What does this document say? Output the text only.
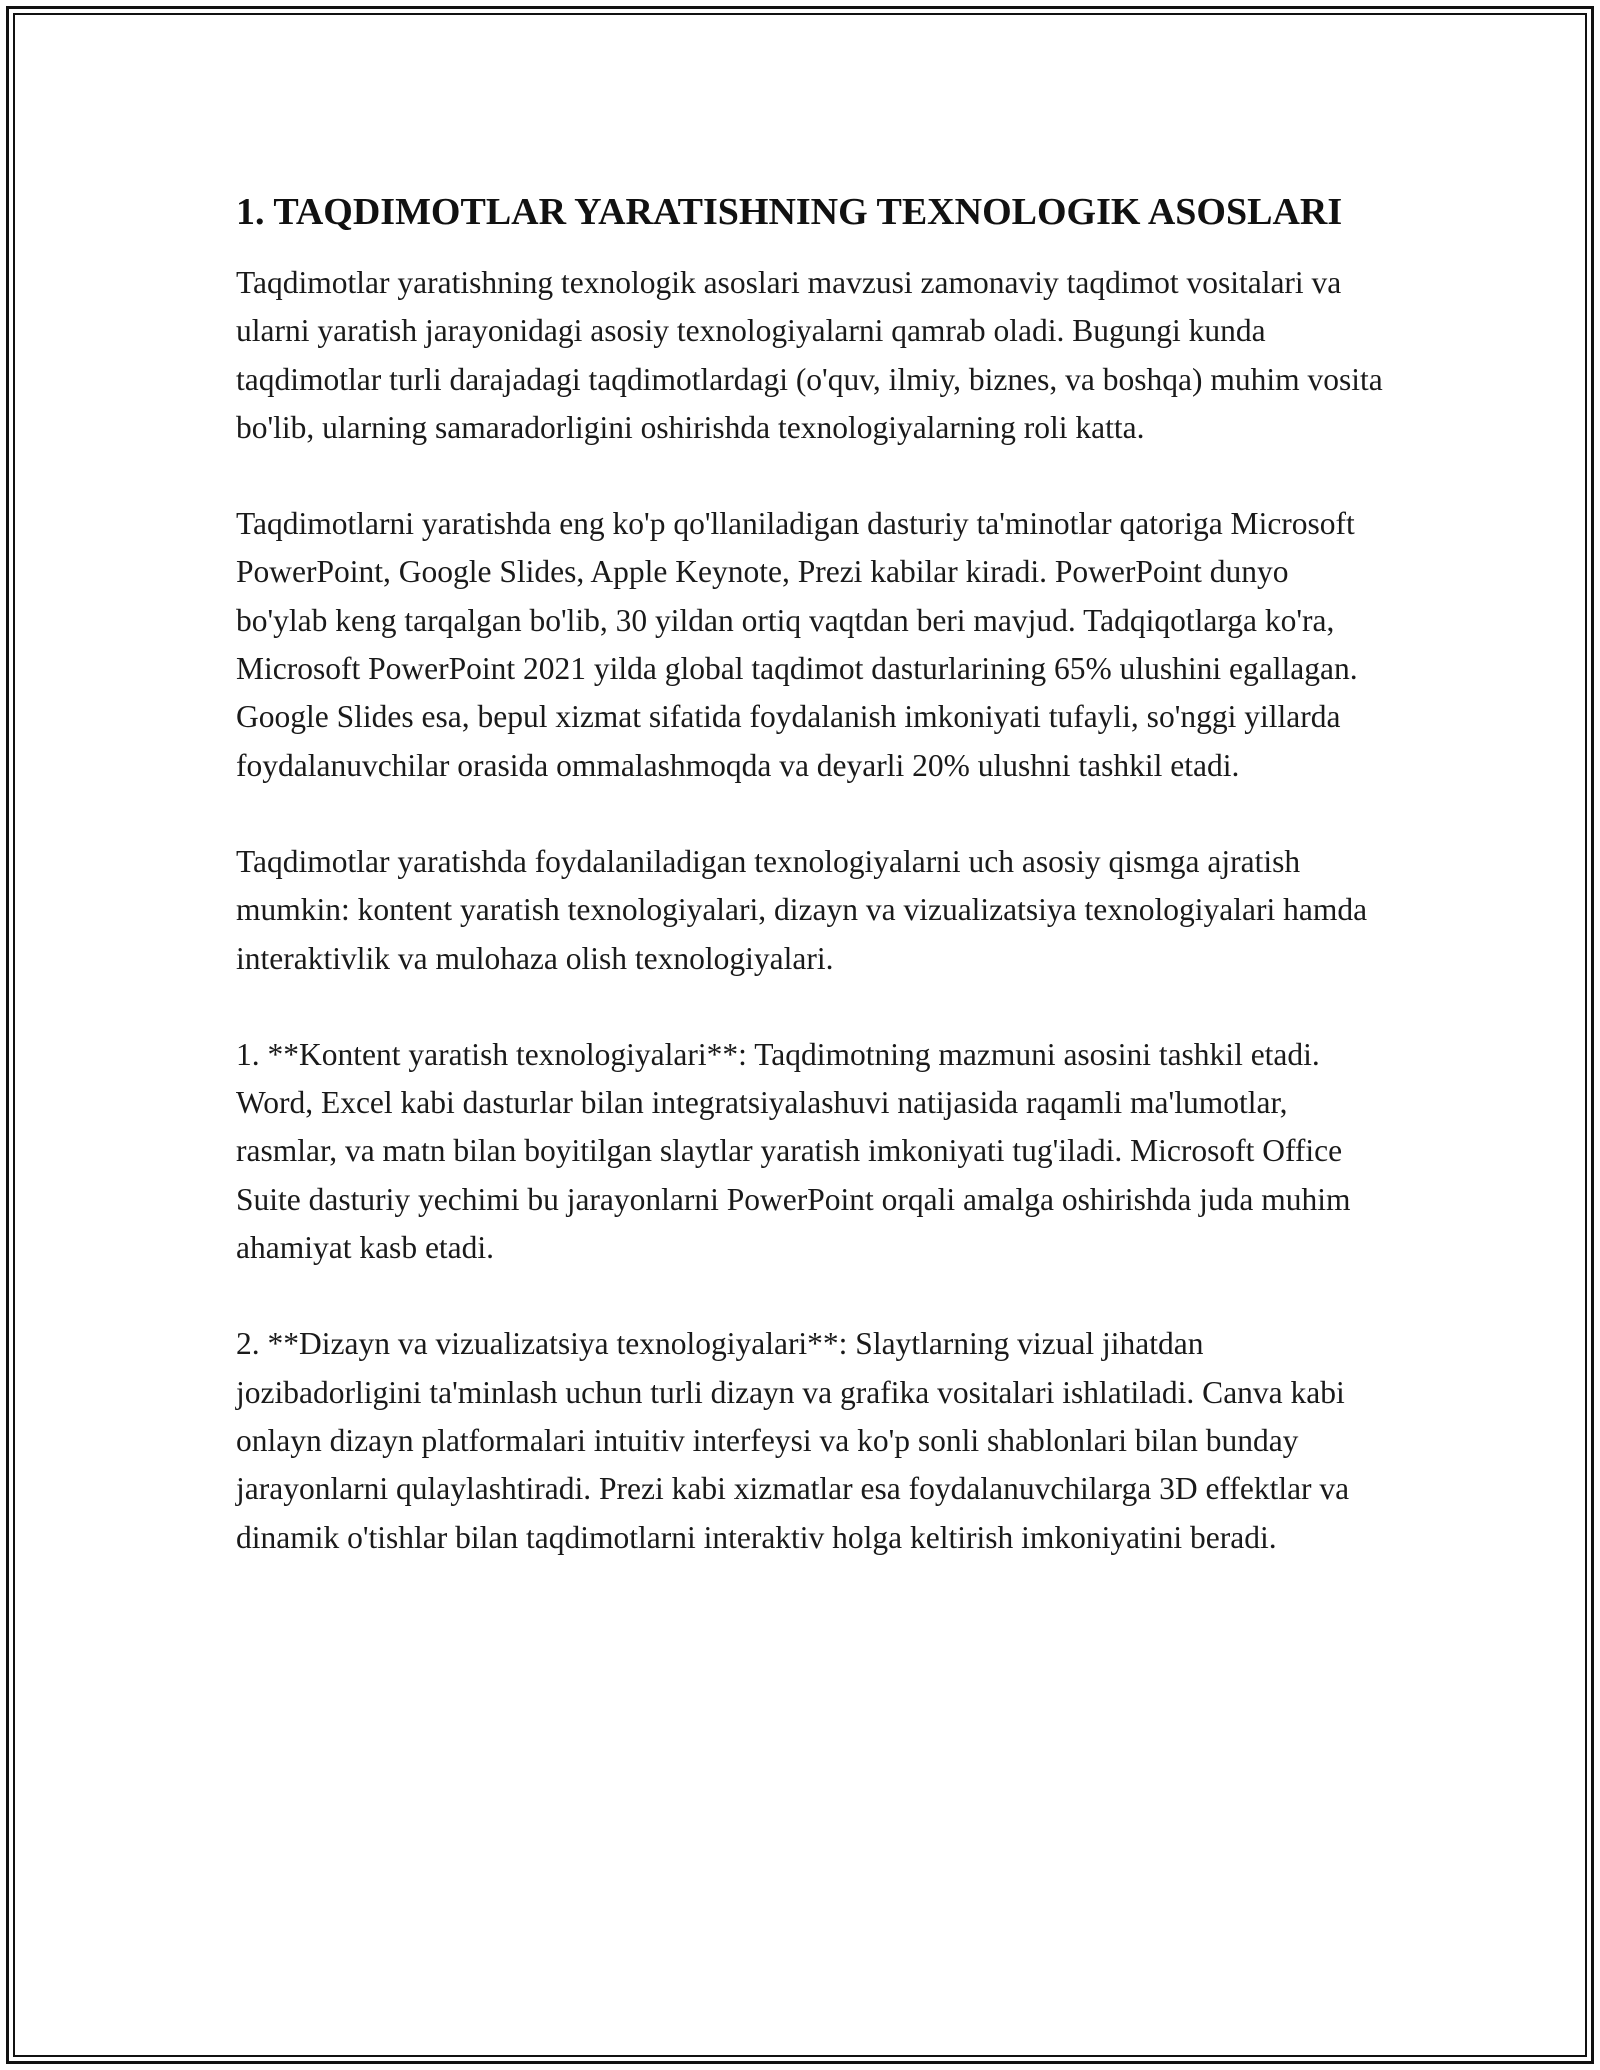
1. TAQDIMOTLAR YARATISHNING TEXNOLOGIK ASOSLARI

Taqdimotlar yaratishning texnologik asoslari mavzusi zamonaviy taqdimot vositalari va ularni yaratish jarayonidagi asosiy texnologiyalarni qamrab oladi. Bugungi kunda taqdimotlar turli darajadagi taqdimotlardagi (o'quv, ilmiy, biznes, va boshqa) muhim vosita bo'lib, ularning samaradorligini oshirishda texnologiyalarning roli katta.

Taqdimotlarni yaratishda eng ko'p qo'llaniladigan dasturiy ta'minotlar qatoriga Microsoft PowerPoint, Google Slides, Apple Keynote, Prezi kabilar kiradi. PowerPoint dunyo bo'ylab keng tarqalgan bo'lib, 30 yildan ortiq vaqtdan beri mavjud. Tadqiqotlarga ko'ra, Microsoft PowerPoint 2021 yilda global taqdimot dasturlarining 65% ulushini egallagan. Google Slides esa, bepul xizmat sifatida foydalanish imkoniyati tufayli, so'nggi yillarda foydalanuvchilar orasida ommalashmoqda va deyarli 20% ulushni tashkil etadi.

Taqdimotlar yaratishda foydalaniladigan texnologiyalarni uch asosiy qismga ajratish mumkin: kontent yaratish texnologiyalari, dizayn va vizualizatsiya texnologiyalari hamda interaktivlik va mulohaza olish texnologiyalari.

1. **Kontent yaratish texnologiyalari**: Taqdimotning mazmuni asosini tashkil etadi. Word, Excel kabi dasturlar bilan integratsiyalashuvi natijasida raqamli ma'lumotlar, rasmlar, va matn bilan boyitilgan slaytlar yaratish imkoniyati tug'iladi. Microsoft Office Suite dasturiy yechimi bu jarayonlarni PowerPoint orqali amalga oshirishda juda muhim ahamiyat kasb etadi.

2. **Dizayn va vizualizatsiya texnologiyalari**: Slaytlarning vizual jihatdan jozibadorligini ta'minlash uchun turli dizayn va grafika vositalari ishlatiladi. Canva kabi onlayn dizayn platformalari intuitiv interfeysi va ko'p sonli shablonlari bilan bunday jarayonlarni qulaylashtiradi. Prezi kabi xizmatlar esa foydalanuvchilarga 3D effektlar va dinamik o'tishlar bilan taqdimotlarni interaktiv holga keltirish imkoniyatini beradi.
